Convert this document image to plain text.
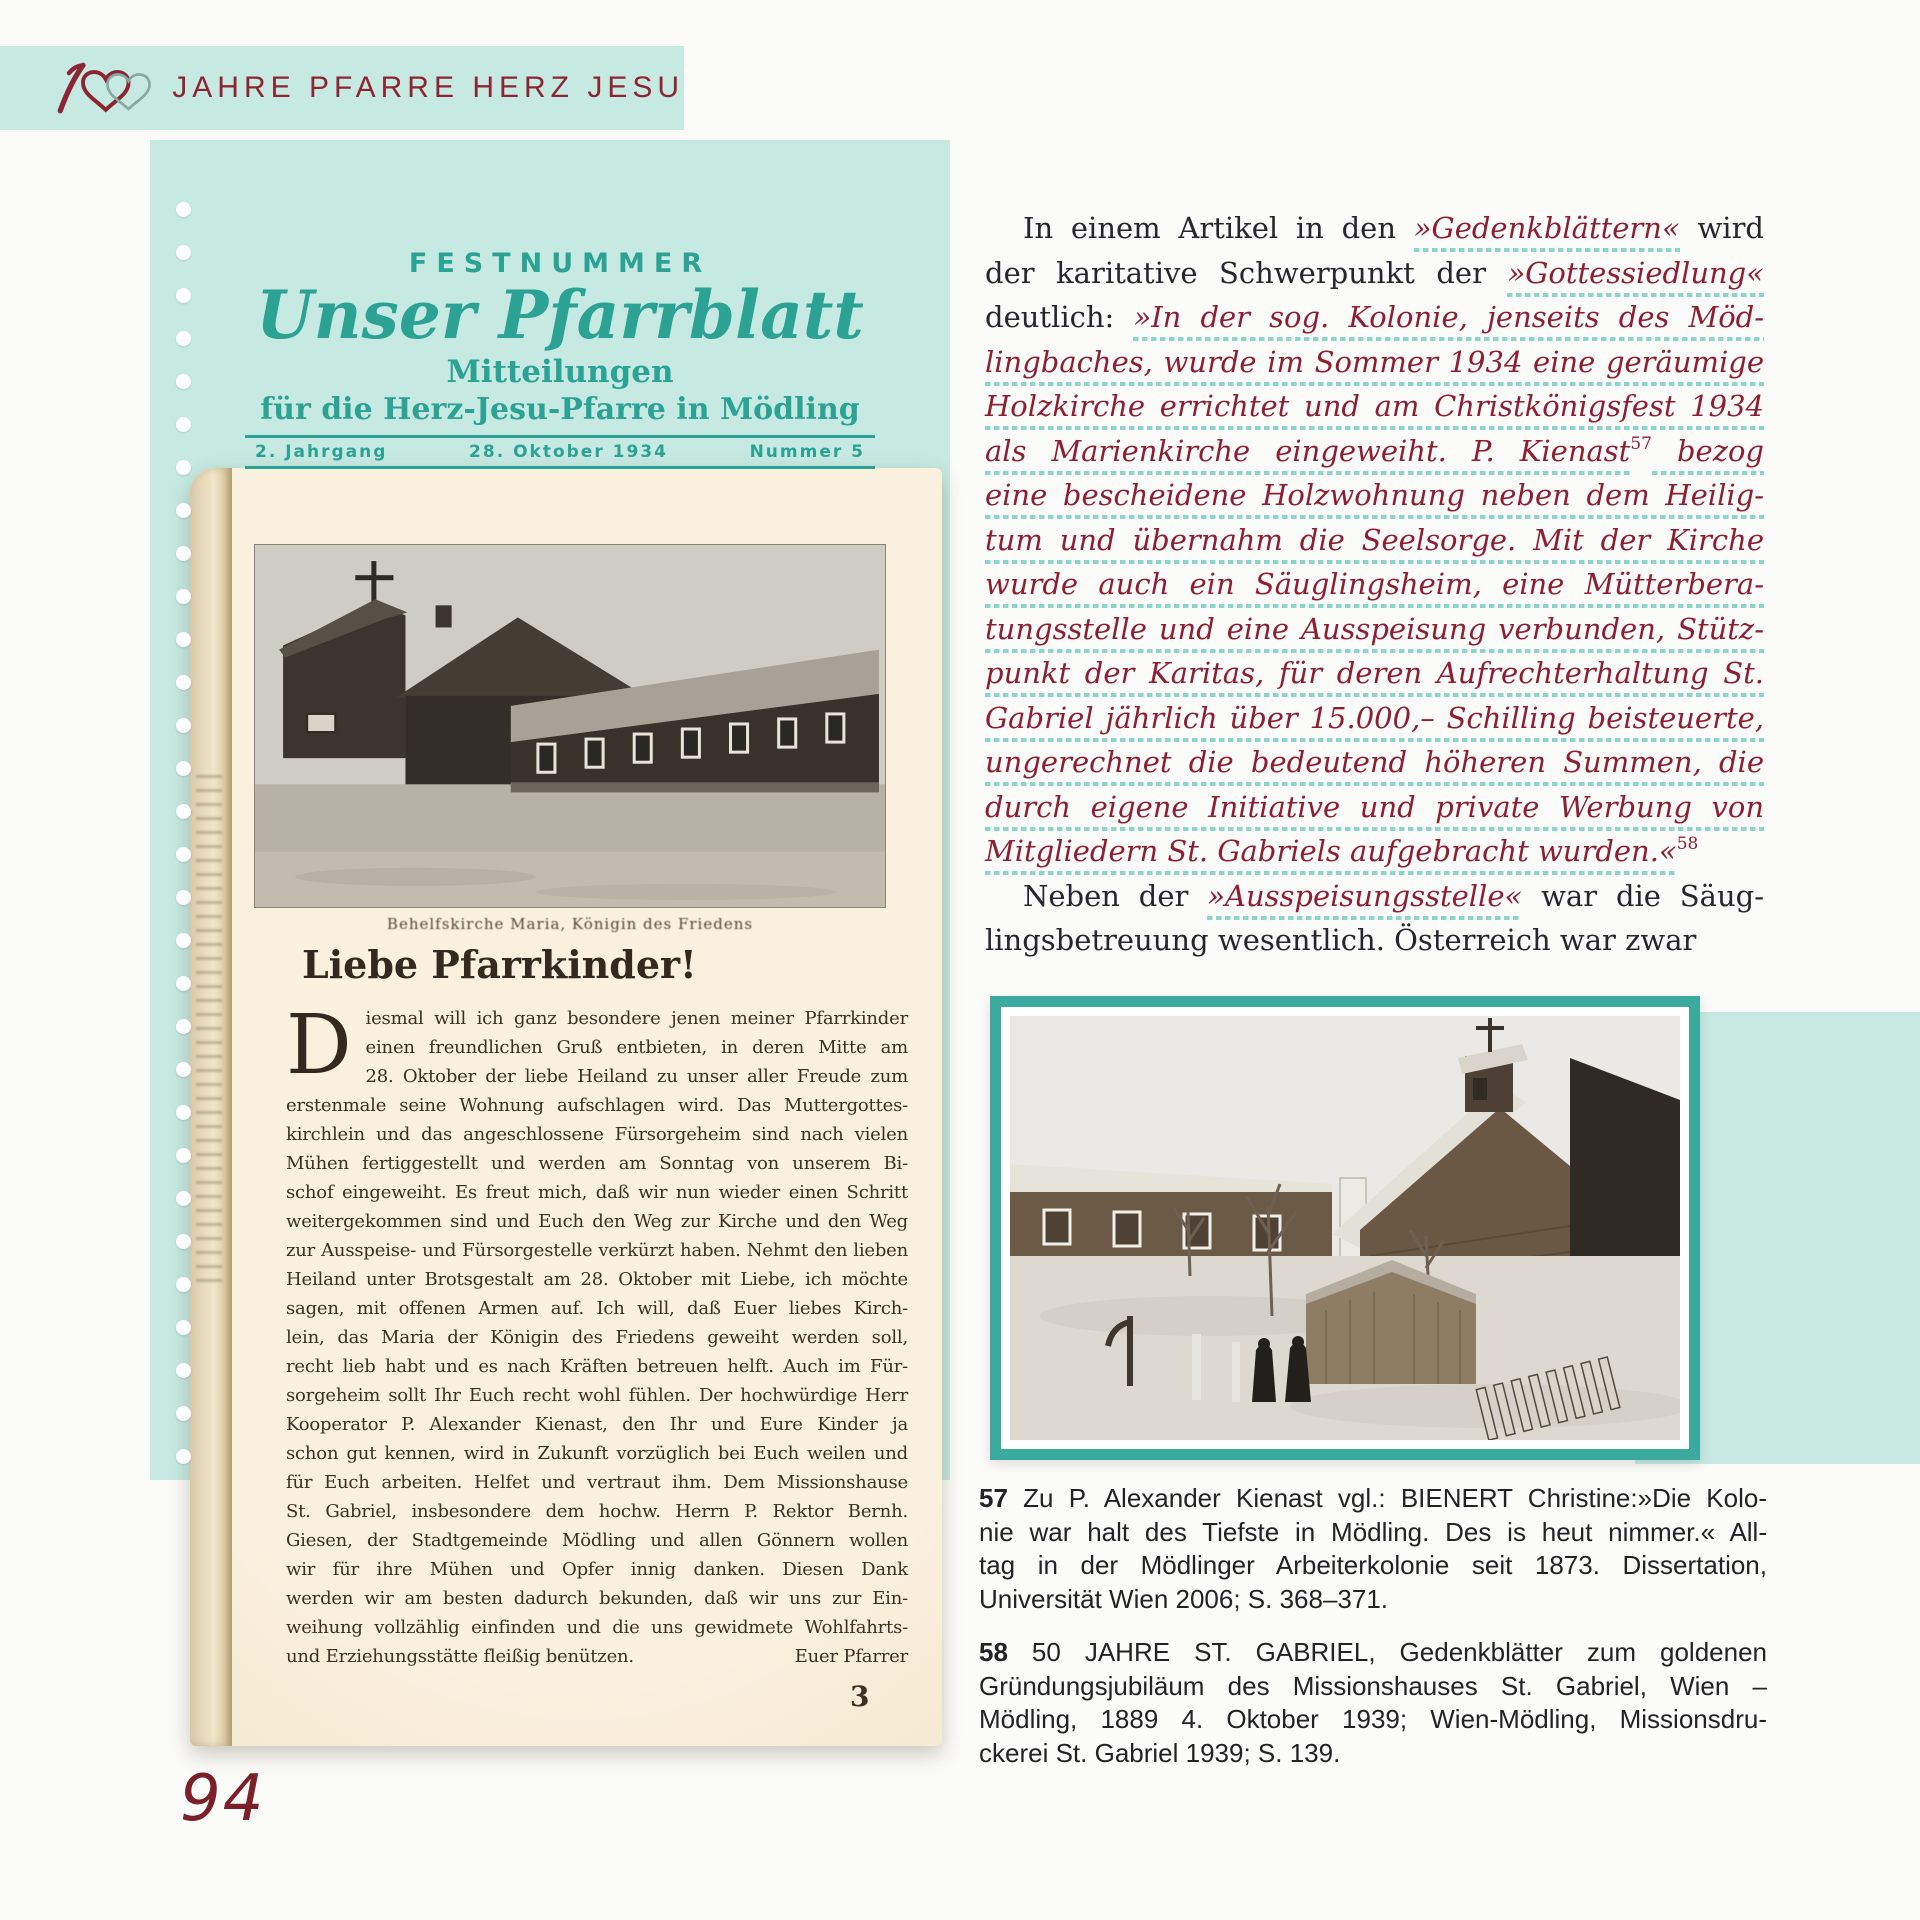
JAHRE PFARRE HERZ JESU
FESTNUMMER
Unser Pfarrblatt
Mitteilungen
für die Herz-Jesu-Pfarre in Mödling
2. Jahrgang	28. Oktober 1934	Nummer 5
Behelfskirche Maria, Königin des Friedens
Liebe Pfarrkinder!
D iesmal will ich ganz besondere jenen meiner Pfarrkinder
einen freundlichen Gruß entbieten, in deren Mitte am
28. Oktober der liebe Heiland zu unser aller Freude zum
erstenmale seine Wohnung aufschlagen wird. Das Muttergottes-
kirchlein und das angeschlossene Fürsorgeheim sind nach vielen
Mühen fertiggestellt und werden am Sonntag von unserem Bi-
schof eingeweiht. Es freut mich, daß wir nun wieder einen Schritt
weitergekommen sind und Euch den Weg zur Kirche und den Weg
zur Ausspeise- und Fürsorgestelle verkürzt haben. Nehmt den lieben
Heiland unter Brotsgestalt am 28. Oktober mit Liebe, ich möchte
sagen, mit offenen Armen auf. Ich will, daß Euer liebes Kirch-
lein, das Maria der Königin des Friedens geweiht werden soll,
recht lieb habt und es nach Kräften betreuen helft. Auch im Für-
sorgeheim sollt Ihr Euch recht wohl fühlen. Der hochwürdige Herr
Kooperator P. Alexander Kienast, den Ihr und Eure Kinder ja
schon gut kennen, wird in Zukunft vorzüglich bei Euch weilen und
für Euch arbeiten. Helfet und vertraut ihm. Dem Missionshause
St. Gabriel, insbesondere dem hochw. Herrn P. Rektor Bernh.
Giesen, der Stadtgemeinde Mödling und allen Gönnern wollen
wir für ihre Mühen und Opfer innig danken. Diesen Dank
werden wir am besten dadurch bekunden, daß wir uns zur Ein-
weihung vollzählig einfinden und die uns gewidmete Wohlfahrts-
und Erziehungsstätte fleißig benützen.	Euer Pfarrer
3
In einem Artikel in den »Gedenkblättern« wird
der karitative Schwerpunkt der »Gottessiedlung«
deutlich: »In der sog. Kolonie, jenseits des Möd-
lingbaches, wurde im Sommer 1934 eine geräumige
Holzkirche errichtet und am Christkönigsfest 1934
als Marienkirche eingeweiht. P. Kienast$^{57}$ bezog
eine bescheidene Holzwohnung neben dem Heilig-
tum und übernahm die Seelsorge. Mit der Kirche
wurde auch ein Säuglingsheim, eine Mütterbera-
tungsstelle und eine Ausspeisung verbunden, Stütz-
punkt der Karitas, für deren Aufrechterhaltung St.
Gabriel jährlich über 15.000,– Schilling beisteuerte,
ungerechnet die bedeutend höheren Summen, die
durch eigene Initiative und private Werbung von
Mitgliedern St. Gabriels aufgebracht wurden.«$^{58}$
Neben der »Ausspeisungsstelle« war die Säug-
lingsbetreuung wesentlich. Österreich war zwar
57 Zu P. Alexander Kienast vgl.: BIENERT Christine:»Die Kolo-
nie war halt des Tiefste in Mödling. Des is heut nimmer.« All-
tag in der Mödlinger Arbeiterkolonie seit 1873. Dissertation,
Universität Wien 2006; S. 368–371.
58 50 JAHRE ST. GABRIEL, Gedenkblätter zum goldenen
Gründungsjubiläum des Missionshauses St. Gabriel, Wien –
Mödling, 1889 4. Oktober 1939; Wien-Mödling, Missionsdru-
ckerei St. Gabriel 1939; S. 139.
94
